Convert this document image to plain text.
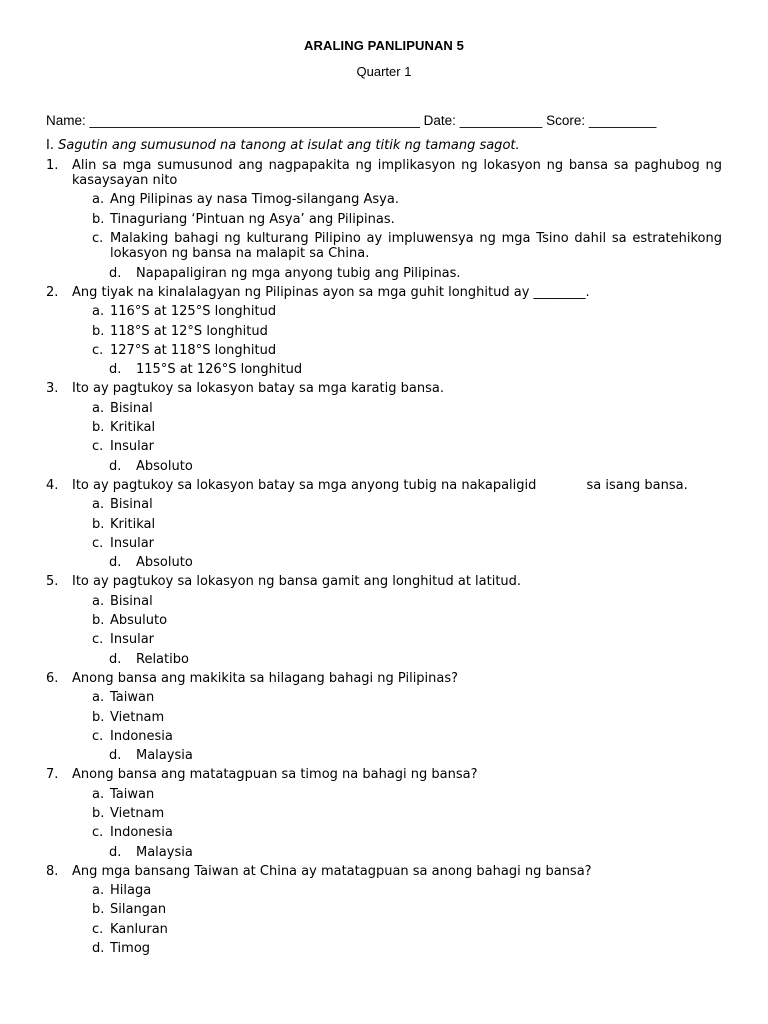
ARALING PANLIPUNAN 5
Quarter 1
Name: ____________________________________________ Date: ___________ Score: _________
I. Sagutin ang sumusunod na tanong at isulat ang titik ng tamang sagot.
1.	Alin sa mga sumusunod ang nagpapakita ng implikasyon ng lokasyon ng bansa sa paghubog ng kasaysayan nito
a. Ang Pilipinas ay nasa Timog-silangang Asya.
b. Tinaguriang ‘Pintuan ng Asya’ ang Pilipinas.
c. Malaking bahagi ng kulturang Pilipino ay impluwensya ng mga Tsino dahil sa estratehikong lokasyon ng bansa na malapit sa China.
d.	Napapaligiran ng mga anyong tubig ang Pilipinas.
2.	Ang tiyak na kinalalagyan ng Pilipinas ayon sa mga guhit longhitud ay ________.
a. 116°S at 125°S longhitud
b. 118°S at 12°S longhitud
c. 127°S at 118°S longhitud
d.	115°S at 126°S longhitud
3.	Ito ay pagtukoy sa lokasyon batay sa mga karatig bansa.
a. Bisinal
b. Kritikal
c. Insular
d.	Absoluto
4.	Ito ay pagtukoy sa lokasyon batay sa mga anyong tubig na nakapaligid	sa isang bansa.
a. Bisinal
b. Kritikal
c. Insular
d.	Absoluto
5.	Ito ay pagtukoy sa lokasyon ng bansa gamit ang longhitud at latitud.
a. Bisinal
b. Absuluto
c. Insular
d.	Relatibo
6.	Anong bansa ang makikita sa hilagang bahagi ng Pilipinas?
a. Taiwan
b. Vietnam
c. Indonesia
d.	Malaysia
7.	Anong bansa ang matatagpuan sa timog na bahagi ng bansa?
a. Taiwan
b. Vietnam
c. Indonesia
d.	Malaysia
8.	Ang mga bansang Taiwan at China ay matatagpuan sa anong bahagi ng bansa?
a. Hilaga
b. Silangan
c. Kanluran
d. Timog
